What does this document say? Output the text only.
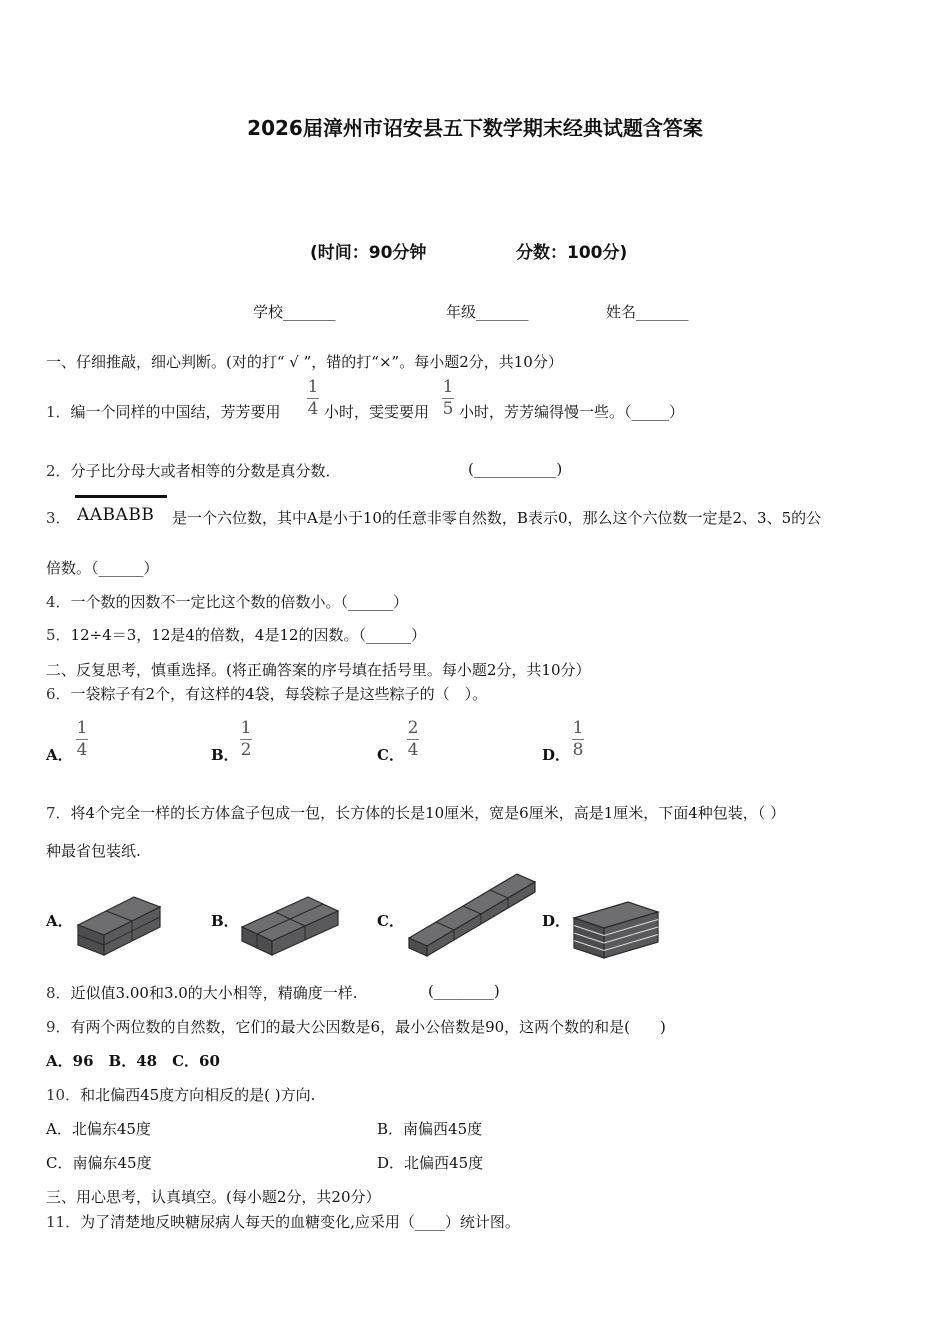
2026届漳州市诏安县五下数学期末经典试题含答案
(时间：90分钟	分数：100分)
学校_______	年级_______	姓名_______
一、仔细推敲，细心判断。(对的打“ √ ”，错的打“×”。每小题2分，共10分）
1．编一个同样的中国结，芳芳要用
1
4 小时，雯雯要用
1
5 小时，芳芳编得慢一些。（_____）
2．分子比分母大或者相等的分数是真分数．	(___________)
3． AABABB 是一个六位数，其中A是小于10的任意非零自然数，B表示0，那么这个六位数一定是2、3、5的公
倍数。（______）
4．一个数的因数不一定比这个数的倍数小。（______）
5．12÷4＝3，12是4的倍数，4是12的因数。（______）
二、反复思考，慎重选择。(将正确答案的序号填在括号里。每小题2分，共10分）
6．一袋粽子有2个，有这样的4袋，每袋粽子是这些粽子的（　）。
A．
1
4	B．
1
2	C．
2
4	D．
1
8
7．将4个完全一样的长方体盒子包成一包，长方体的长是10厘米，宽是6厘米，高是1厘米，下面4种包装，（ ）
种最省包装纸.
A．	B．	C．	D．
8．近似值3.00和3.0的大小相等，精确度一样.	(________)
9．有两个两位数的自然数，它们的最大公因数是6，最小公倍数是90，这两个数的和是(　　)
A．96　B．48　C．60
10．和北偏西45度方向相反的是( )方向.
A．北偏东45度	B．南偏西45度
C．南偏东45度	D．北偏西45度
三、用心思考，认真填空。(每小题2分，共20分）
11．为了清楚地反映糖尿病人每天的血糖变化,应采用（____）统计图。
